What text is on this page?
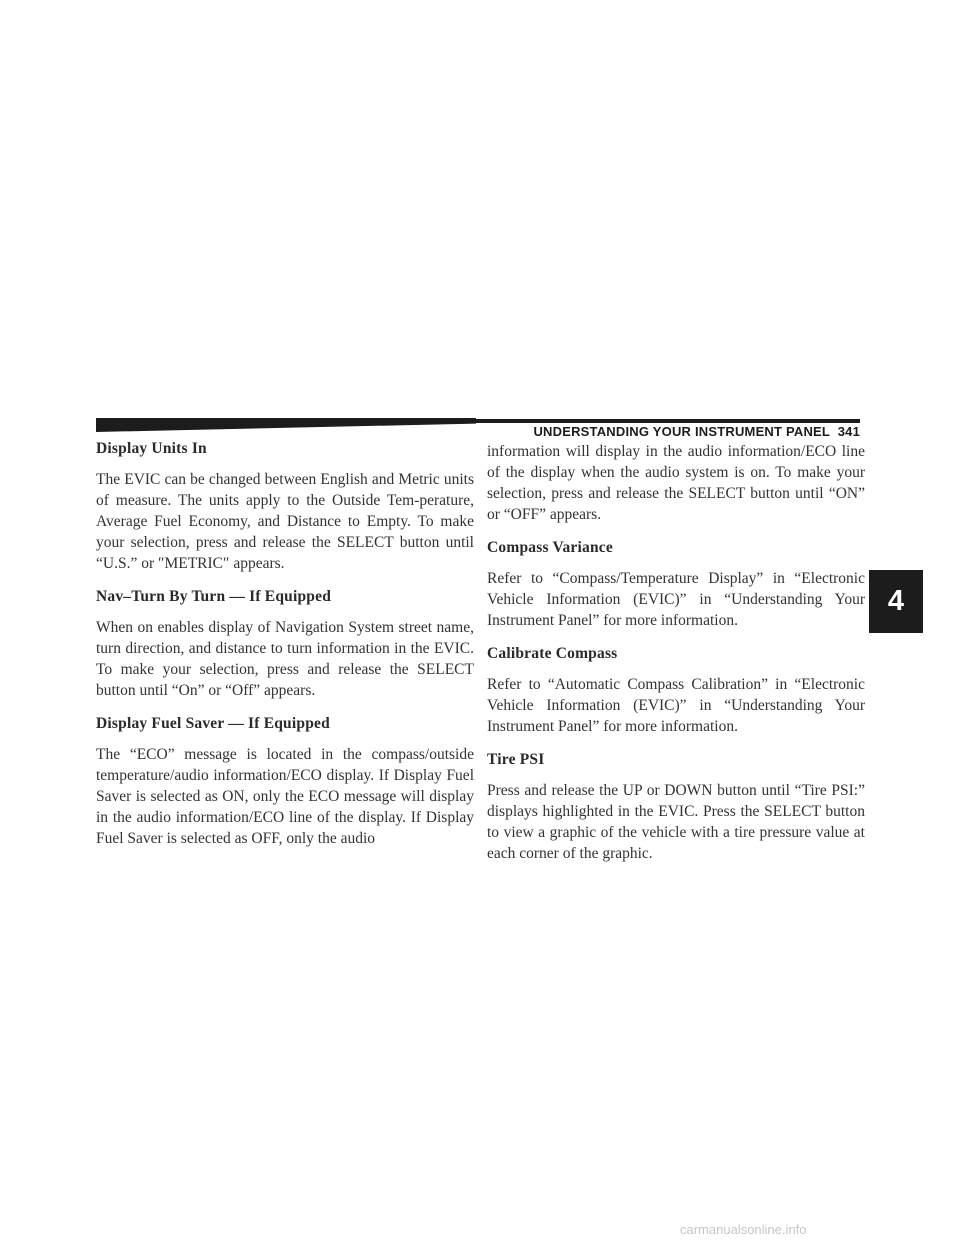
UNDERSTANDING YOUR INSTRUMENT PANEL 341
4
Display Units In

The EVIC can be changed between English and Metric units of measure. The units apply to the Outside Tem-perature, Average Fuel Economy, and Distance to Empty. To make your selection, press and release the SELECT button until “U.S.” or ″METRIC″ appears.

Nav–Turn By Turn — If Equipped

When on enables display of Navigation System street name, turn direction, and distance to turn information in the EVIC. To make your selection, press and release the SELECT button until “On” or “Off” appears.

Display Fuel Saver — If Equipped

The “ECO” message is located in the compass/outside temperature/audio information/ECO display. If Display Fuel Saver is selected as ON, only the ECO message will display in the audio information/ECO line of the display. If Display Fuel Saver is selected as OFF, only the audio

information will display in the audio information/ECO line of the display when the audio system is on. To make your selection, press and release the SELECT button until “ON” or “OFF” appears.

Compass Variance

Refer to “Compass/Temperature Display” in “Electronic Vehicle Information (EVIC)” in “Understanding Your Instrument Panel” for more information.

Calibrate Compass

Refer to “Automatic Compass Calibration” in “Electronic Vehicle Information (EVIC)” in “Understanding Your Instrument Panel” for more information.

Tire PSI

Press and release the UP or DOWN button until “Tire PSI:” displays highlighted in the EVIC. Press the SELECT button to view a graphic of the vehicle with a tire pressure value at each corner of the graphic.

carmanualsonline.info
